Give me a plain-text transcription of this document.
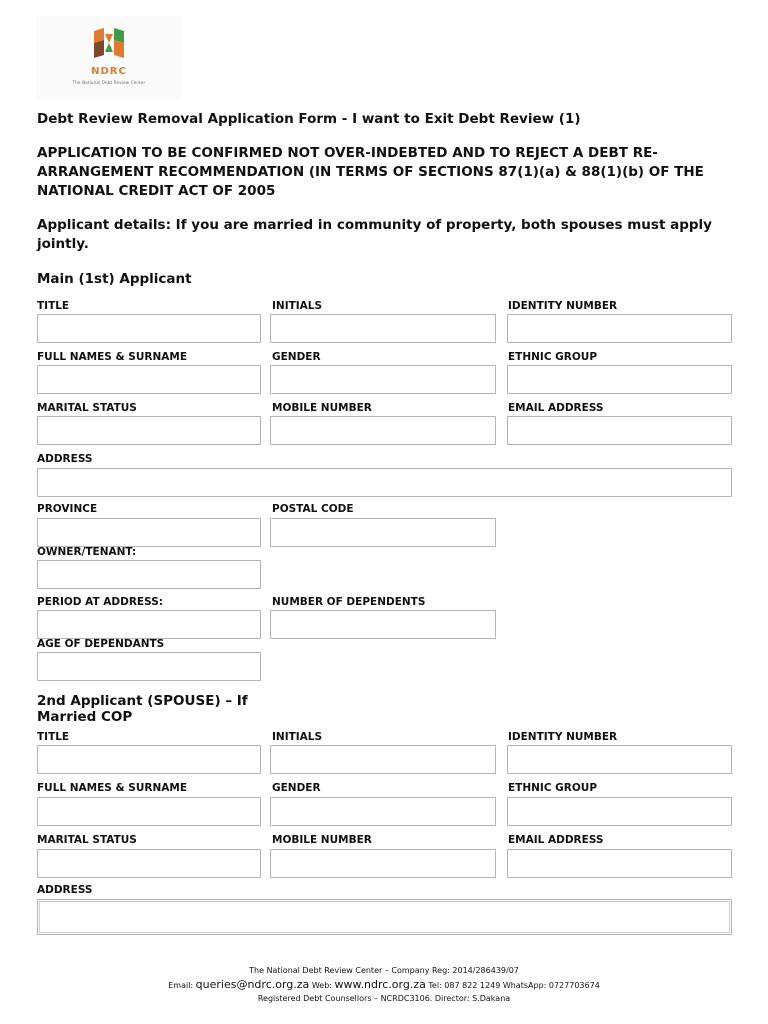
NDRC
The National Debt Review Center
Debt Review Removal Application Form - I want to Exit Debt Review (1)
APPLICATION TO BE CONFIRMED NOT OVER-INDEBTED AND TO REJECT A DEBT RE-
ARRANGEMENT RECOMMENDATION (IN TERMS OF SECTIONS 87(1)(a) & 88(1)(b) OF THE
NATIONAL CREDIT ACT OF 2005
Applicant details: If you are married in community of property, both spouses must apply
jointly.
Main (1st) Applicant
TITLE	INITIALS	IDENTITY NUMBER
FULL NAMES & SURNAME	GENDER	ETHNIC GROUP
MARITAL STATUS	MOBILE NUMBER	EMAIL ADDRESS
ADDRESS
PROVINCE	POSTAL CODE
OWNER/TENANT:
PERIOD AT ADDRESS:	NUMBER OF DEPENDENTS
AGE OF DEPENDANTS
2nd Applicant (SPOUSE) – If
Married COP
TITLE	INITIALS	IDENTITY NUMBER
FULL NAMES & SURNAME	GENDER	ETHNIC GROUP
MARITAL STATUS	MOBILE NUMBER	EMAIL ADDRESS
ADDRESS
The National Debt Review Center – Company Reg: 2014/286439/07
Email: queries@ndrc.org.za Web: www.ndrc.org.za Tel: 087 822 1249 WhatsApp: 0727703674
Registered Debt Counsellors – NCRDC3106. Director: S.Dakana
